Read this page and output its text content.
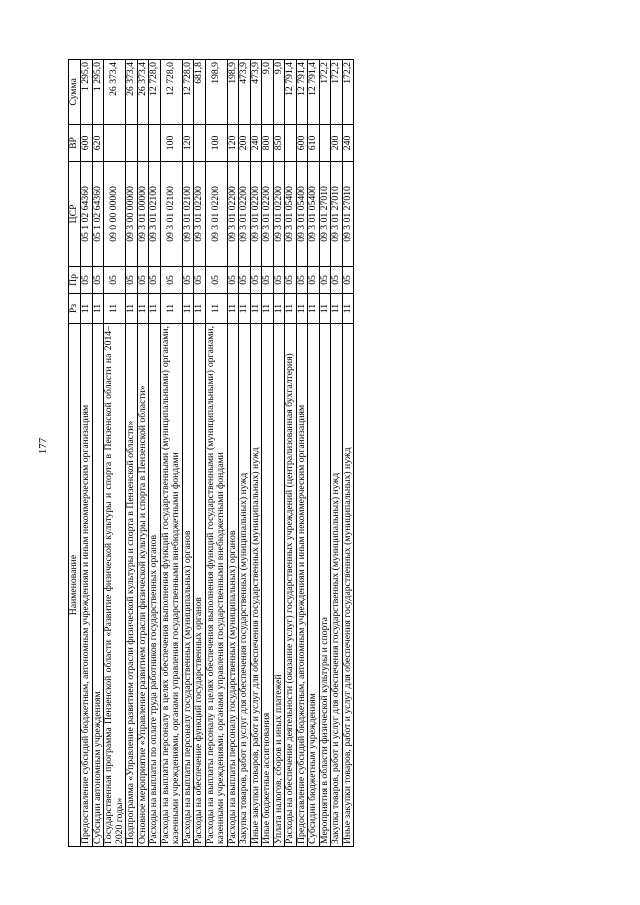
177
Наименование	Рз	Пр	ЦСР	ВР	Сумма
Предоставление субсидий бюджетным, автономным учреждениям и иным некоммерческим организациям	11	05	05 1 02 64360	600	1 295,0
Субсидии автономным учреждениям	11	05	05 1 02 64360	620	1 295,0
Государственная программа Пензенской области «Развитие физической культуры и спорта в Пензенской области на 2014–2020 годы»	11	05	09 0 00 00000		26 373,4
Подпрограмма «Управление развитием отрасли физической культуры и спорта в Пензенской области»	11	05	09 3 00 00000		26 373,4
Основное мероприятие «Управление развитием отрасли физической культуры и спорта в Пензенской области»	11	05	09 3 01 00000		26 373,4
Расходы на выплаты по оплате труда работников государственных органов	11	05	09 3 01 02100		12 728,0
Расходы на выплаты персоналу в целях обеспечения выполнения функций государственными (муниципальными) органами, казенными учреждениями, органами управления государственными внебюджетными фондами	11	05	09 3 01 02100	100	12 728,0
Расходы на выплаты персоналу государственных (муниципальных) органов	11	05	09 3 01 02100	120	12 728,0
Расходы на обеспечение функций государственных органов	11	05	09 3 01 02200		681,8
Расходы на выплаты персоналу в целях обеспечения выполнения функций государственными (муниципальными) органами, казенными учреждениями, органами управления государственными внебюджетными фондами	11	05	09 3 01 02200	100	198,9
Расходы на выплаты персоналу государственных (муниципальных) органов	11	05	09 3 01 02200	120	198,9
Закупка товаров, работ и услуг для обеспечения государственных (муниципальных) нужд	11	05	09 3 01 02200	200	473,9
Иные закупки товаров, работ и услуг для обеспечения государственных (муниципальных) нужд	11	05	09 3 01 02200	240	473,9
Иные бюджетные ассигнования	11	05	09 3 01 02200	800	9,0
Уплата налогов, сборов и иных платежей	11	05	09 3 01 02200	850	9,0
Расходы на обеспечение деятельности (оказание услуг) государственных учреждений (централизованная бухгалтерия)	11	05	09 3 01 05400		12 791,4
Предоставление субсидий бюджетным, автономным учреждениям и иным некоммерческим организациям	11	05	09 3 01 05400	600	12 791,4
Субсидии бюджетным учреждениям	11	05	09 3 01 05400	610	12 791,4
Мероприятия в области физической культуры и спорта	11	05	09 3 01 27010		172,2
Закупка товаров, работ и услуг для обеспечения государственных (муниципальных) нужд	11	05	09 3 01 27010	200	172,2
Иные закупки товаров, работ и услуг для обеспечения государственных (муниципальных) нужд	11	05	09 3 01 27010	240	172,2
